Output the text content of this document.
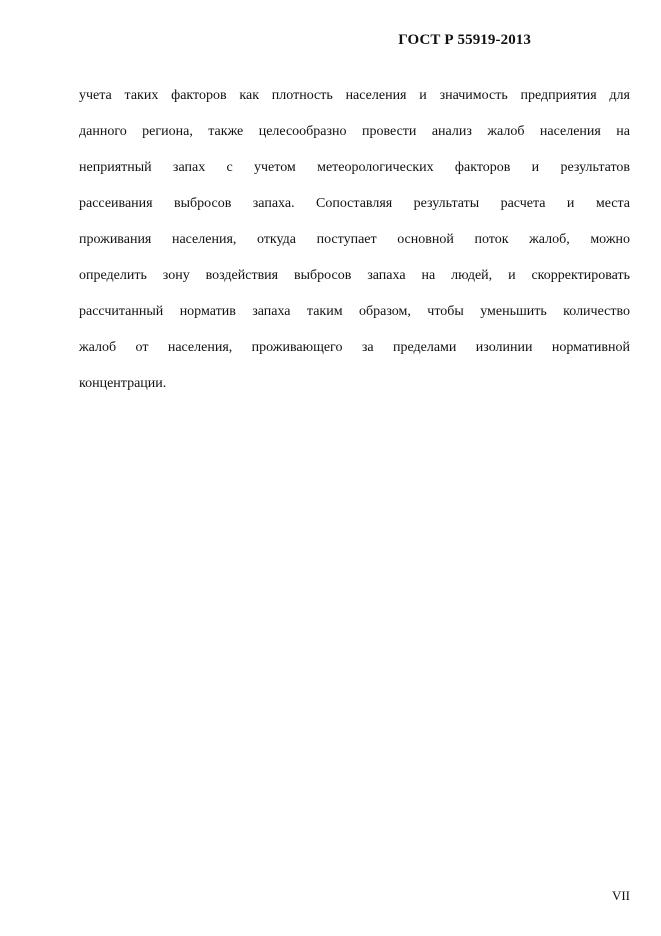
ГОСТ Р 55919-2013
учета таких факторов как плотность населения и значимость предприятия для
данного региона, также целесообразно провести анализ жалоб населения на
неприятный запах с учетом метеорологических факторов и результатов
рассеивания выбросов запаха. Сопоставляя результаты расчета и места
проживания населения, откуда поступает основной поток жалоб, можно
определить зону воздействия выбросов запаха на людей, и скорректировать
рассчитанный норматив запаха таким образом, чтобы уменьшить количество
жалоб от населения, проживающего за пределами изолинии нормативной
концентрации.
VII
